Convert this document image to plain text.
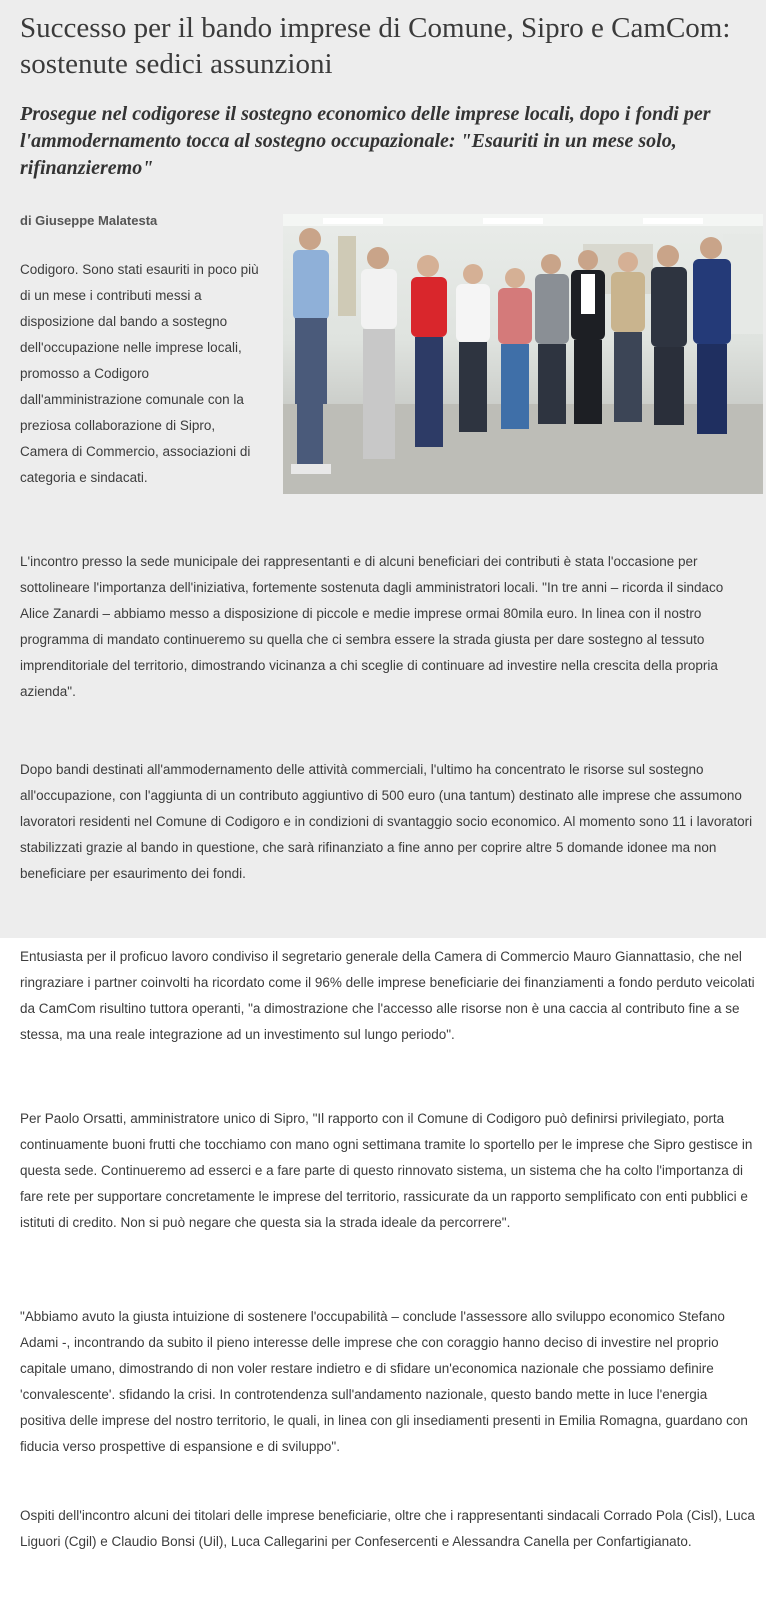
Successo per il bando imprese di Comune, Sipro e CamCom: sostenute sedici assunzioni
Prosegue nel codigorese il sostegno economico delle imprese locali, dopo i fondi per l'ammodernamento tocca al sostegno occupazionale: "Esauriti in un mese solo, rifinanzieremo"
di Giuseppe Malatesta

Codigoro. Sono stati esauriti in poco più di un mese i contributi messi a disposizione dal bando a sostegno dell'occupazione nelle imprese locali, promosso a Codigoro dall'amministrazione comunale con la preziosa collaborazione di Sipro, Camera di Commercio, associazioni di categoria e sindacati.

L'incontro presso la sede municipale dei rappresentanti e di alcuni beneficiari dei contributi è stata l'occasione per sottolineare l'importanza dell'iniziativa, fortemente sostenuta dagli amministratori locali. "In tre anni – ricorda il sindaco Alice Zanardi – abbiamo messo a disposizione di piccole e medie imprese ormai 80mila euro. In linea con il nostro programma di mandato continueremo su quella che ci sembra essere la strada giusta per dare sostegno al tessuto imprenditoriale del territorio, dimostrando vicinanza a chi sceglie di continuare ad investire nella crescita della propria azienda".

Dopo bandi destinati all'ammodernamento delle attività commerciali, l'ultimo ha concentrato le risorse sul sostegno all'occupazione, con l'aggiunta di un contributo aggiuntivo di 500 euro (una tantum) destinato alle imprese che assumono lavoratori residenti nel Comune di Codigoro e in condizioni di svantaggio socio economico. Al momento sono 11 i lavoratori stabilizzati grazie al bando in questione, che sarà rifinanziato a fine anno per coprire altre 5 domande idonee ma non beneficiare per esaurimento dei fondi.

Entusiasta per il proficuo lavoro condiviso il segretario generale della Camera di Commercio Mauro Giannattasio, che nel ringraziare i partner coinvolti ha ricordato come il 96% delle imprese beneficiarie dei finanziamenti a fondo perduto veicolati da CamCom risultino tuttora operanti, "a dimostrazione che l'accesso alle risorse non è una caccia al contributo fine a se stessa, ma una reale integrazione ad un investimento sul lungo periodo".

Per Paolo Orsatti, amministratore unico di Sipro, "Il rapporto con il Comune di Codigoro può definirsi privilegiato, porta continuamente buoni frutti che tocchiamo con mano ogni settimana tramite lo sportello per le imprese che Sipro gestisce in questa sede. Continueremo ad esserci e a fare parte di questo rinnovato sistema, un sistema che ha colto l'importanza di fare rete per supportare concretamente le imprese del territorio, rassicurate da un rapporto semplificato con enti pubblici e istituti di credito. Non si può negare che questa sia la strada ideale da percorrere".

"Abbiamo avuto la giusta intuizione di sostenere l'occupabilità – conclude l'assessore allo sviluppo economico Stefano Adami -, incontrando da subito il pieno interesse delle imprese che con coraggio hanno deciso di investire nel proprio capitale umano, dimostrando di non voler restare indietro e di sfidare un'economica nazionale che possiamo definire 'convalescente'. sfidando la crisi. In controtendenza sull'andamento nazionale, questo bando mette in luce l'energia positiva delle imprese del nostro territorio, le quali, in linea con gli insediamenti presenti in Emilia Romagna, guardano con fiducia verso prospettive di espansione e di sviluppo".

Ospiti dell'incontro alcuni dei titolari delle imprese beneficiarie, oltre che i rappresentanti sindacali Corrado Pola (Cisl), Luca Liguori (Cgil) e Claudio Bonsi (Uil), Luca Callegarini per Confesercenti e Alessandra Canella per Confartigianato.
